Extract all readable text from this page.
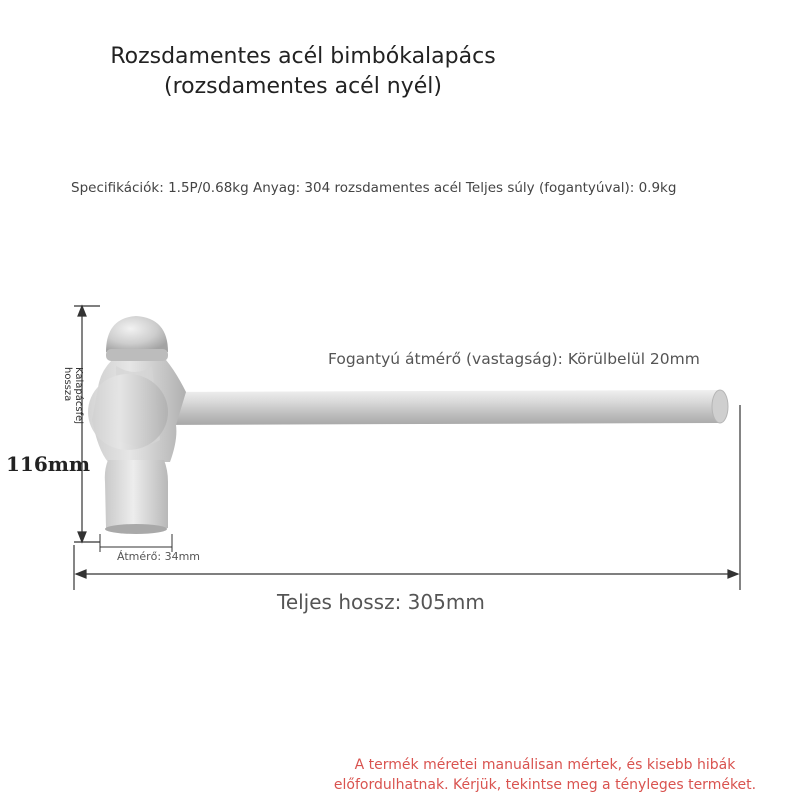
Rozsdamentes acél bimbókalapács
(rozsdamentes acél nyél)
Specifikációk: 1.5P/0.68kg Anyag: 304 rozsdamentes acél Teljes súly (fogantyúval): 0.9kg
Fogantyú átmérő (vastagság): Körülbelül 20mm
Kalapácsfej hossza
116mm
Átmérő: 34mm
Teljes hossz: 305mm
A termék méretei manuálisan mértek, és kisebb hibák előfordulhatnak. Kérjük, tekintse meg a tényleges terméket.
